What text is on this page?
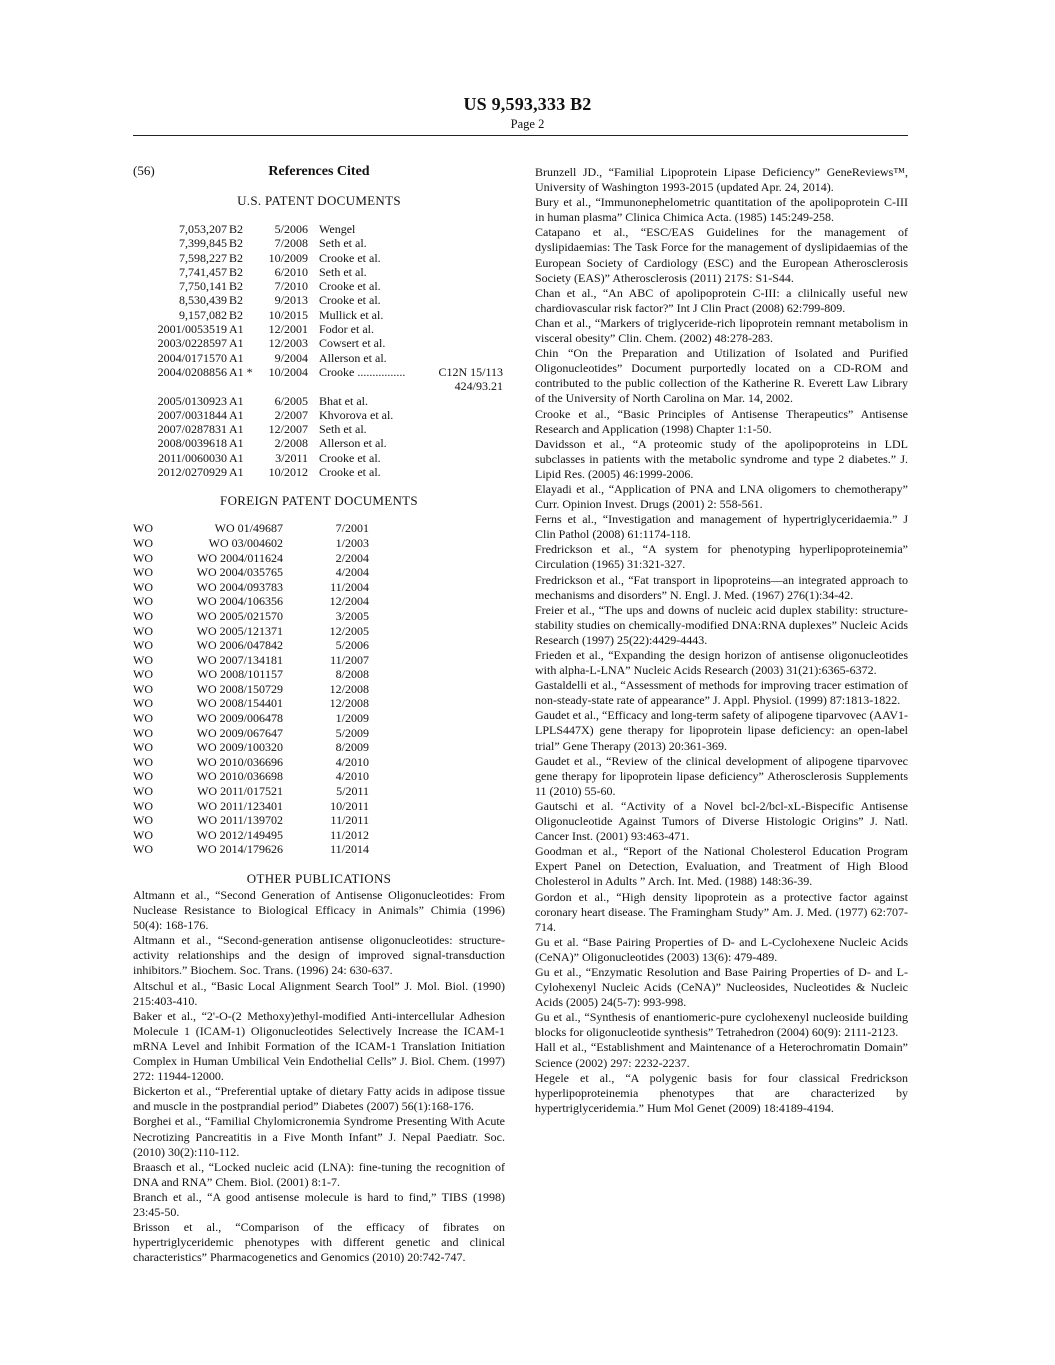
US 9,593,333 B2
Page 2
(56)	References Cited
U.S. PATENT DOCUMENTS
7,053,207 B2	5/2006 Wengel
7,399,845 B2	7/2008 Seth et al.
7,598,227 B2 10/2009 Crooke et al.
7,741,457 B2	6/2010 Seth et al.
7,750,141 B2	7/2010 Crooke et al.
8,530,439 B2	9/2013 Crooke et al.
9,157,082 B2 10/2015 Mullick et al.
2001/0053519 A1 12/2001 Fodor et al.
2003/0228597 A1 12/2003 Cowsert et al.
2004/0171570 A1	9/2004 Allerson et al.
2004/0208856 A1 * 10/2004 Crooke ................	C12N 15/113
424/93.21
2005/0130923 A1	6/2005 Bhat et al.
2007/0031844 A1	2/2007 Khvorova et al.
2007/0287831 A1 12/2007 Seth et al.
2008/0039618 A1	2/2008 Allerson et al.
2011/0060030 A1	3/2011 Crooke et al.
2012/0270929 A1 10/2012 Crooke et al.
FOREIGN PATENT DOCUMENTS
WO	WO 01/49687	7/2001
WO	WO 03/004602	1/2003
WO	WO 2004/011624	2/2004
WO	WO 2004/035765	4/2004
WO	WO 2004/093783	11/2004
WO	WO 2004/106356	12/2004
WO	WO 2005/021570	3/2005
WO	WO 2005/121371	12/2005
WO	WO 2006/047842	5/2006
WO	WO 2007/134181	11/2007
WO	WO 2008/101157	8/2008
WO	WO 2008/150729	12/2008
WO	WO 2008/154401	12/2008
WO	WO 2009/006478	1/2009
WO	WO 2009/067647	5/2009
WO	WO 2009/100320	8/2009
WO	WO 2010/036696	4/2010
WO	WO 2010/036698	4/2010
WO	WO 2011/017521	5/2011
WO	WO 2011/123401	10/2011
WO	WO 2011/139702	11/2011
WO	WO 2012/149495	11/2012
WO	WO 2014/179626	11/2014
OTHER PUBLICATIONS

Altmann et al., “Second Generation of Antisense Oligonucleotides: From Nuclease Resistance to Biological Efficacy in Animals” Chimia (1996) 50(4): 168-176.

Altmann et al., “Second-generation antisense oligonucleotides: structure-activity relationships and the design of improved signal-transduction inhibitors.” Biochem. Soc. Trans. (1996) 24: 630-637.

Altschul et al., “Basic Local Alignment Search Tool” J. Mol. Biol. (1990) 215:403-410.

Baker et al., “2'-O-(2 Methoxy)ethyl-modified Anti-intercellular Adhesion Molecule 1 (ICAM-1) Oligonucleotides Selectively Increase the ICAM-1 mRNA Level and Inhibit Formation of the ICAM-1 Translation Initiation Complex in Human Umbilical Vein Endothelial Cells” J. Biol. Chem. (1997) 272: 11944-12000.

Bickerton et al., “Preferential uptake of dietary Fatty acids in adipose tissue and muscle in the postprandial period” Diabetes (2007) 56(1):168-176.

Borghei et al., “Familial Chylomicronemia Syndrome Presenting With Acute Necrotizing Pancreatitis in a Five Month Infant” J. Nepal Paediatr. Soc. (2010) 30(2):110-112.

Braasch et al., “Locked nucleic acid (LNA): fine-tuning the recognition of DNA and RNA” Chem. Biol. (2001) 8:1-7.

Branch et al., “A good antisense molecule is hard to find,” TIBS (1998) 23:45-50.

Brisson et al., “Comparison of the efficacy of fibrates on hypertriglyceridemic phenotypes with different genetic and clinical characteristics” Pharmacogenetics and Genomics (2010) 20:742-747.

Brunzell JD., “Familial Lipoprotein Lipase Deficiency” GeneReviews™, University of Washington 1993-2015 (updated Apr. 24, 2014).

Bury et al., “Immunonephelometric quantitation of the apolipoprotein C-III in human plasma” Clinica Chimica Acta. (1985) 145:249-258.

Catapano et al., “ESC/EAS Guidelines for the management of dyslipidaemias: The Task Force for the management of dyslipidaemias of the European Society of Cardiology (ESC) and the European Atherosclerosis Society (EAS)” Atherosclerosis (2011) 217S: S1-S44.

Chan et al., “An ABC of apolipoprotein C-III: a clilnically useful new chardiovascular risk factor?” Int J Clin Pract (2008) 62:799-809.

Chan et al., “Markers of triglyceride-rich lipoprotein remnant metabolism in visceral obesity” Clin. Chem. (2002) 48:278-283.

Chin “On the Preparation and Utilization of Isolated and Purified Oligonucleotides” Document purportedly located on a CD-ROM and contributed to the public collection of the Katherine R. Everett Law Library of the University of North Carolina on Mar. 14, 2002.

Crooke et al., “Basic Principles of Antisense Therapeutics” Antisense Research and Application (1998) Chapter 1:1-50.

Davidsson et al., “A proteomic study of the apolipoproteins in LDL subclasses in patients with the metabolic syndrome and type 2 diabetes.” J. Lipid Res. (2005) 46:1999-2006.

Elayadi et al., “Application of PNA and LNA oligomers to chemotherapy” Curr. Opinion Invest. Drugs (2001) 2: 558-561.

Ferns et al., “Investigation and management of hypertriglyceridaemia.” J Clin Pathol (2008) 61:1174-118.

Fredrickson et al., “A system for phenotyping hyperlipoproteinemia” Circulation (1965) 31:321-327.

Fredrickson et al., “Fat transport in lipoproteins—an integrated approach to mechanisms and disorders” N. Engl. J. Med. (1967) 276(1):34-42.

Freier et al., “The ups and downs of nucleic acid duplex stability: structure-stability studies on chemically-modified DNA:RNA duplexes” Nucleic Acids Research (1997) 25(22):4429-4443.

Frieden et al., “Expanding the design horizon of antisense oligonucleotides with alpha-L-LNA” Nucleic Acids Research (2003) 31(21):6365-6372.

Gastaldelli et al., “Assessment of methods for improving tracer estimation of non-steady-state rate of appearance” J. Appl. Physiol. (1999) 87:1813-1822.

Gaudet et al., “Efficacy and long-term safety of alipogene tiparvovec (AAV1-LPLS447X) gene therapy for lipoprotein lipase deficiency: an open-label trial” Gene Therapy (2013) 20:361-369.

Gaudet et al., “Review of the clinical development of alipogene tiparvovec gene therapy for lipoprotein lipase deficiency” Atherosclerosis Supplements 11 (2010) 55-60.

Gautschi et al. “Activity of a Novel bcl-2/bcl-xL-Bispecific Antisense Oligonucleotide Against Tumors of Diverse Histologic Origins” J. Natl. Cancer Inst. (2001) 93:463-471.

Goodman et al., “Report of the National Cholesterol Education Program Expert Panel on Detection, Evaluation, and Treatment of High Blood Cholesterol in Adults ” Arch. Int. Med. (1988) 148:36-39.

Gordon et al., “High density lipoprotein as a protective factor against coronary heart disease. The Framingham Study” Am. J. Med. (1977) 62:707-714.

Gu et al. “Base Pairing Properties of D- and L-Cyclohexene Nucleic Acids (CeNA)” Oligonucleotides (2003) 13(6): 479-489.

Gu et al., “Enzymatic Resolution and Base Pairing Properties of D- and L-Cylohexenyl Nucleic Acids (CeNA)” Nucleosides, Nucleotides & Nucleic Acids (2005) 24(5-7): 993-998.

Gu et al., “Synthesis of enantiomeric-pure cyclohexenyl nucleoside building blocks for oligonucleotide synthesis” Tetrahedron (2004) 60(9): 2111-2123.

Hall et al., “Establishment and Maintenance of a Heterochromatin Domain” Science (2002) 297: 2232-2237.

Hegele et al., “A polygenic basis for four classical Fredrickson hyperlipoproteinemia phenotypes that are characterized by hypertriglyceridemia.” Hum Mol Genet (2009) 18:4189-4194.
